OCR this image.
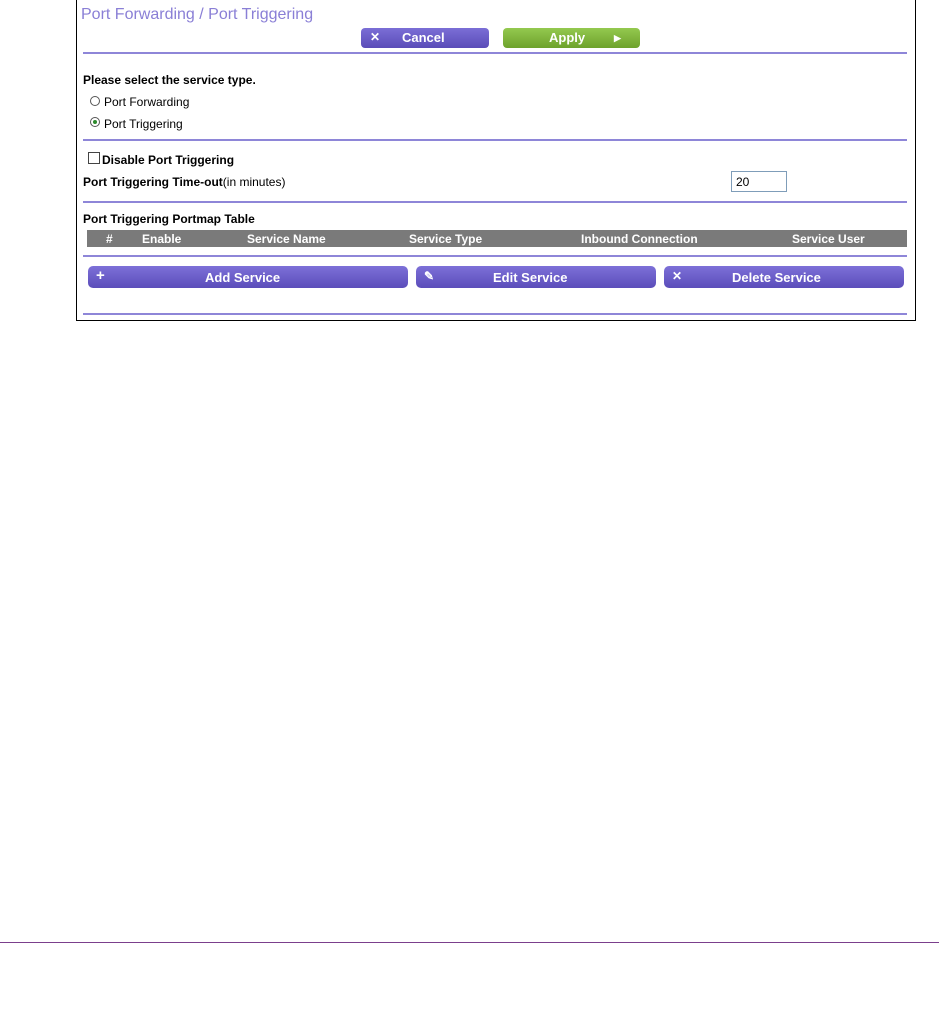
Port Forwarding / Port Triggering
✕ Cancel	Apply	▶
Please select the service type.
Port Forwarding
Port Triggering
Disable Port Triggering
Port Triggering Time-out(in minutes)
20
Port Triggering Portmap Table
# Enable	Service Name	Service Type	Inbound Connection	Service User
+	Add Service	✎	Edit Service	✕	Delete Service
